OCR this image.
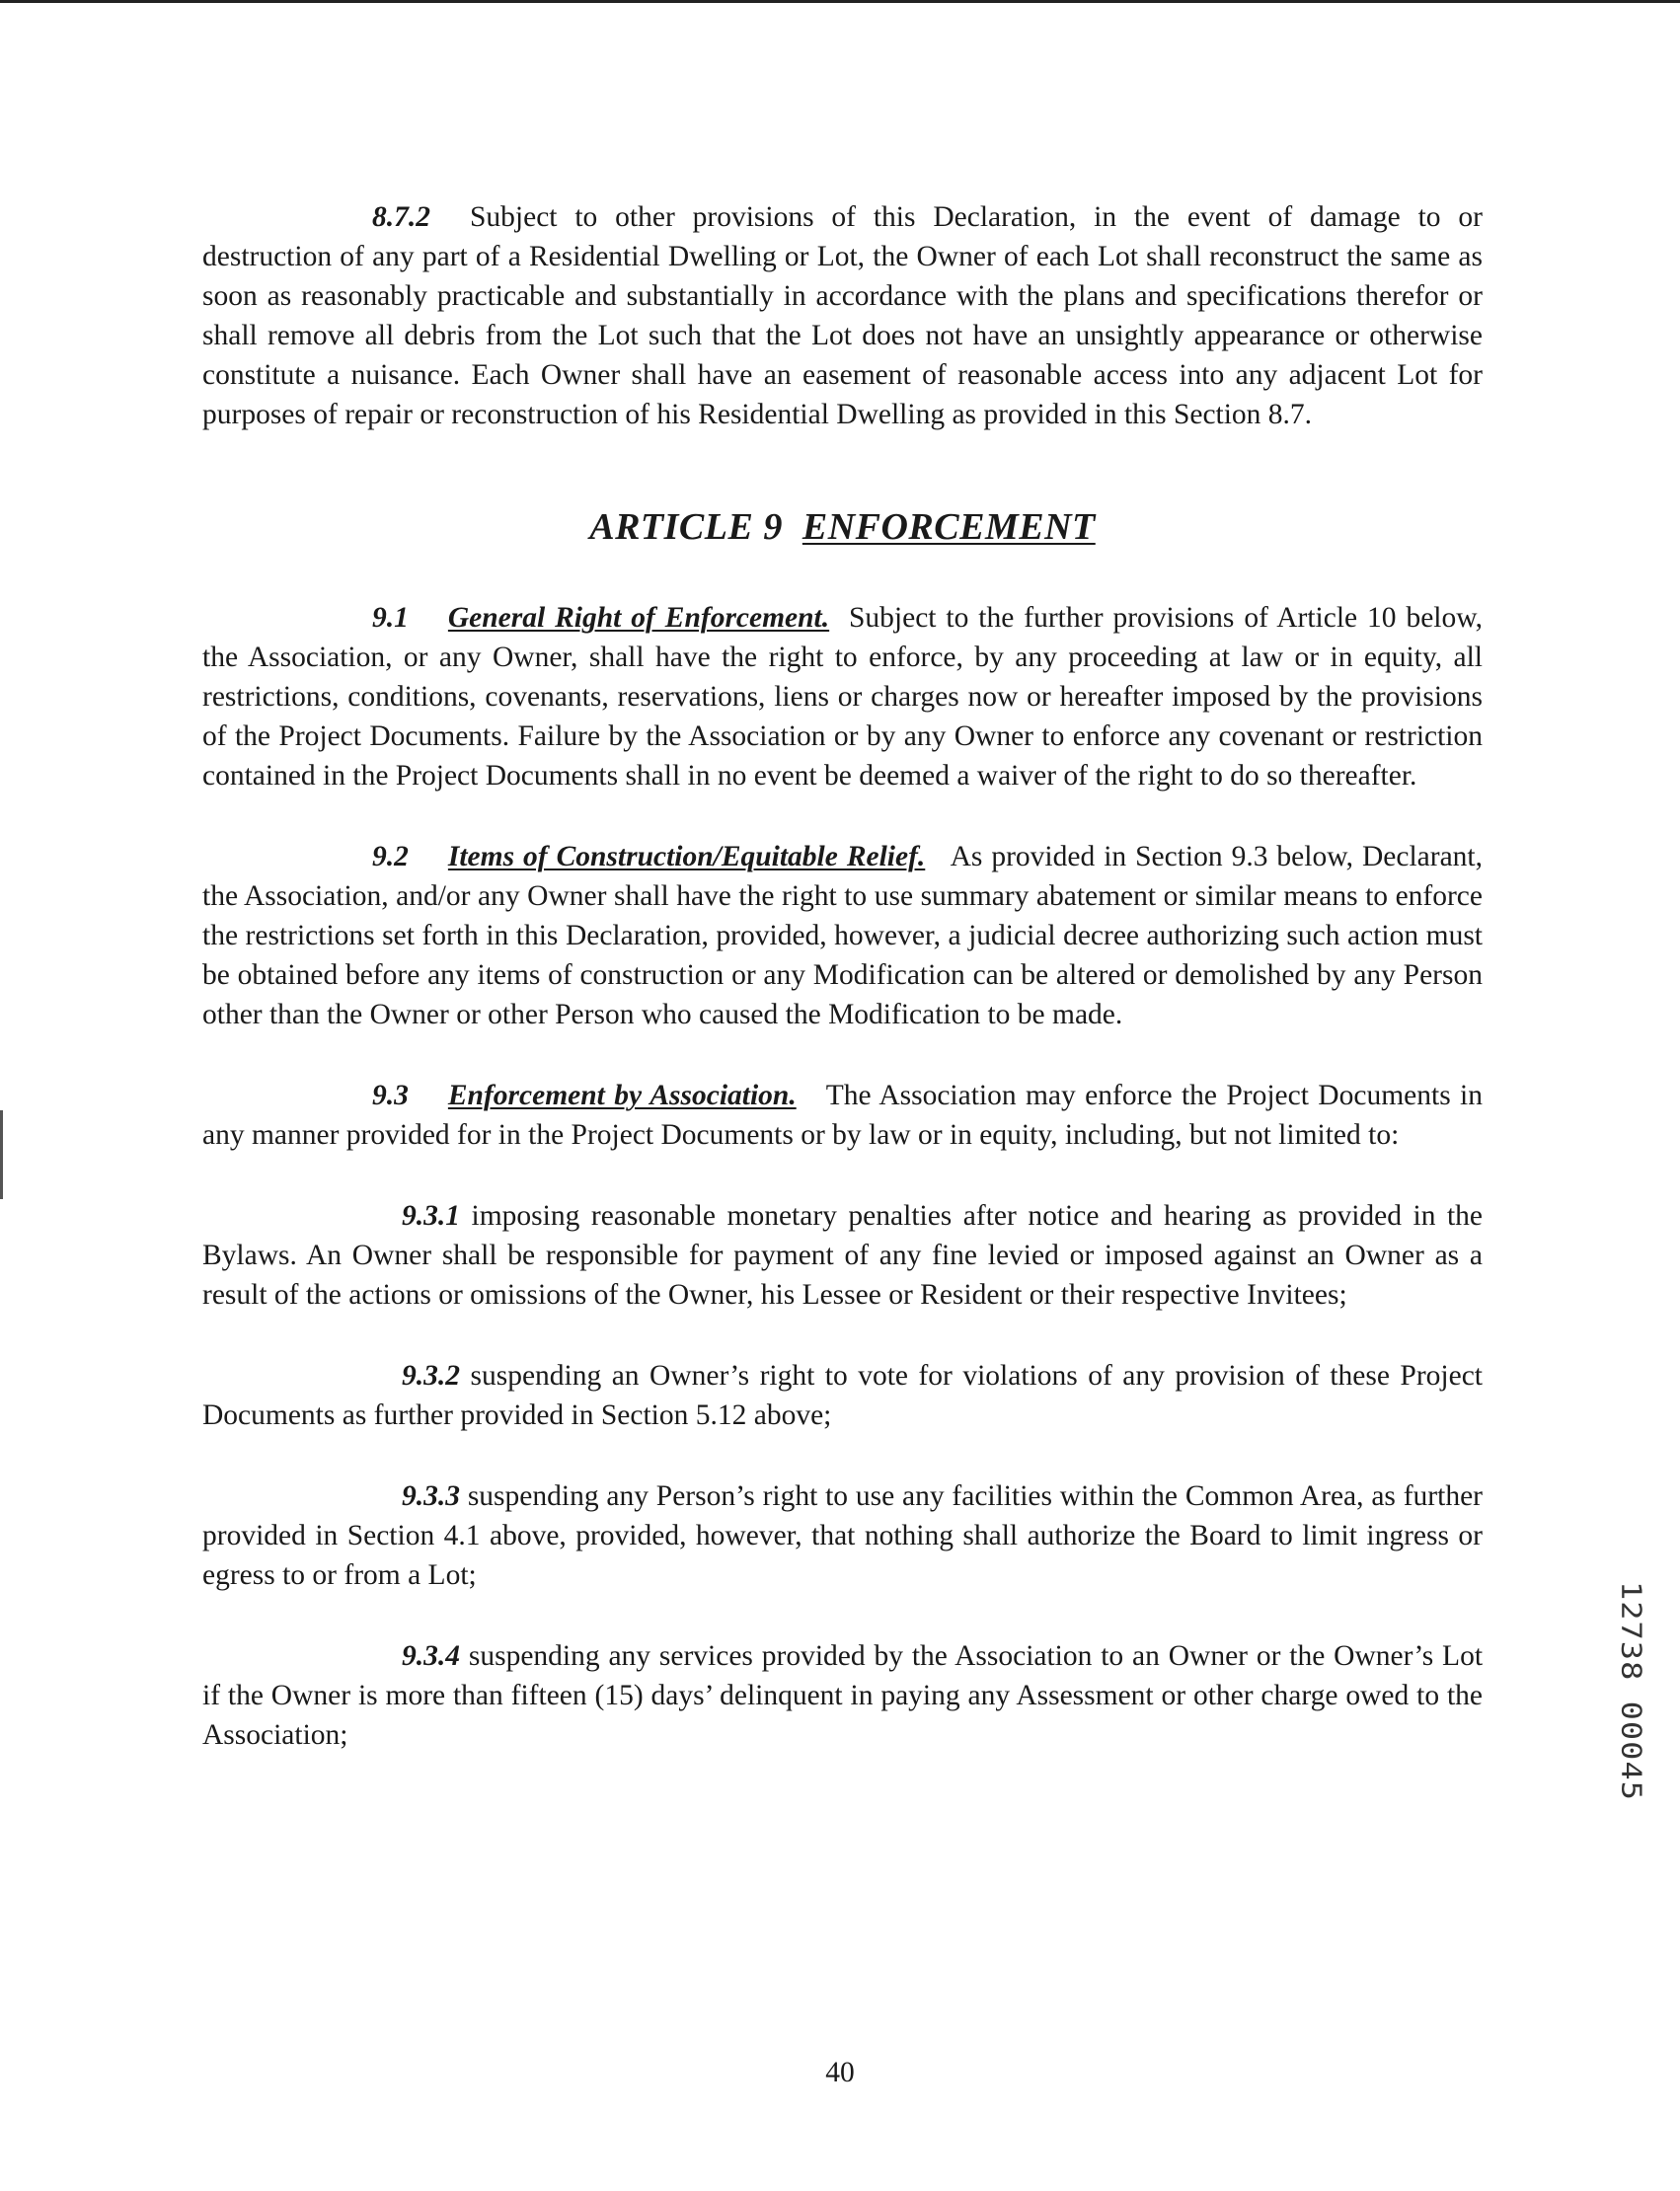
8.7.2 Subject to other provisions of this Declaration, in the event of damage to or destruction of any part of a Residential Dwelling or Lot, the Owner of each Lot shall reconstruct the same as soon as reasonably practicable and substantially in accordance with the plans and specifications therefor or shall remove all debris from the Lot such that the Lot does not have an unsightly appearance or otherwise constitute a nuisance. Each Owner shall have an easement of reasonable access into any adjacent Lot for purposes of repair or reconstruction of his Residential Dwelling as provided in this Section 8.7.

ARTICLE 9 ENFORCEMENT

9.1 General Right of Enforcement. Subject to the further provisions of Article 10 below, the Association, or any Owner, shall have the right to enforce, by any proceeding at law or in equity, all restrictions, conditions, covenants, reservations, liens or charges now or hereafter imposed by the provisions of the Project Documents. Failure by the Association or by any Owner to enforce any covenant or restriction contained in the Project Documents shall in no event be deemed a waiver of the right to do so thereafter.

9.2 Items of Construction/Equitable Relief. As provided in Section 9.3 below, Declarant, the Association, and/or any Owner shall have the right to use summary abatement or similar means to enforce the restrictions set forth in this Declaration, provided, however, a judicial decree authorizing such action must be obtained before any items of construction or any Modification can be altered or demolished by any Person other than the Owner or other Person who caused the Modification to be made.

9.3 Enforcement by Association. The Association may enforce the Project Documents in any manner provided for in the Project Documents or by law or in equity, including, but not limited to:

9.3.1 imposing reasonable monetary penalties after notice and hearing as provided in the Bylaws. An Owner shall be responsible for payment of any fine levied or imposed against an Owner as a result of the actions or omissions of the Owner, his Lessee or Resident or their respective Invitees;

9.3.2 suspending an Owner’s right to vote for violations of any provision of these Project Documents as further provided in Section 5.12 above;

9.3.3 suspending any Person’s right to use any facilities within the Common Area, as further provided in Section 4.1 above, provided, however, that nothing shall authorize the Board to limit ingress or egress to or from a Lot;

9.3.4 suspending any services provided by the Association to an Owner or the Owner’s Lot if the Owner is more than fifteen (15) days’ delinquent in paying any Assessment or other charge owed to the Association;	12738 00045
40
